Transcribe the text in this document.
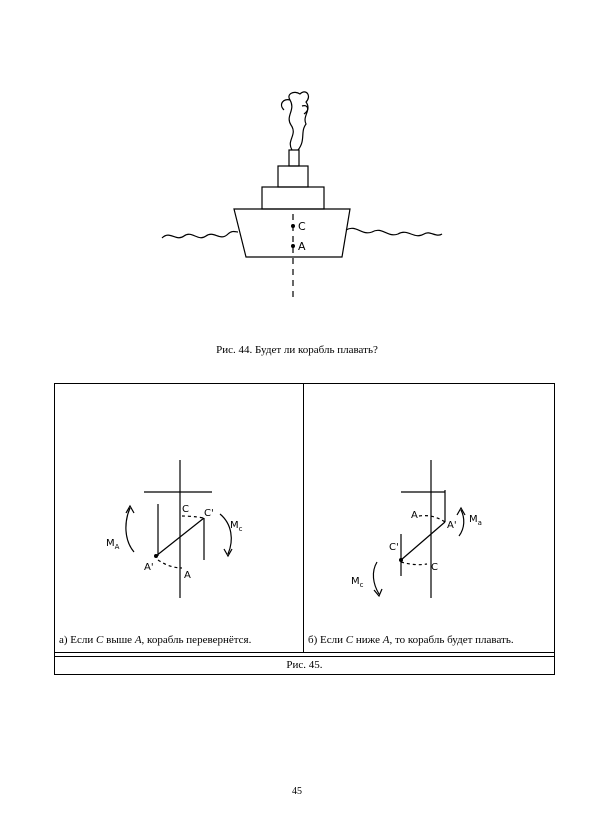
C
A
Рис. 44. Будет ли корабль плавать?
C C'
A
A'
$M_A$
$M_c$
A
A'
C
C'
$M_a$
$M_c$
а) Если C выше A, корабль перевернётся.	б) Если C ниже A, то корабль будет плавать.
Рис. 45.
45
